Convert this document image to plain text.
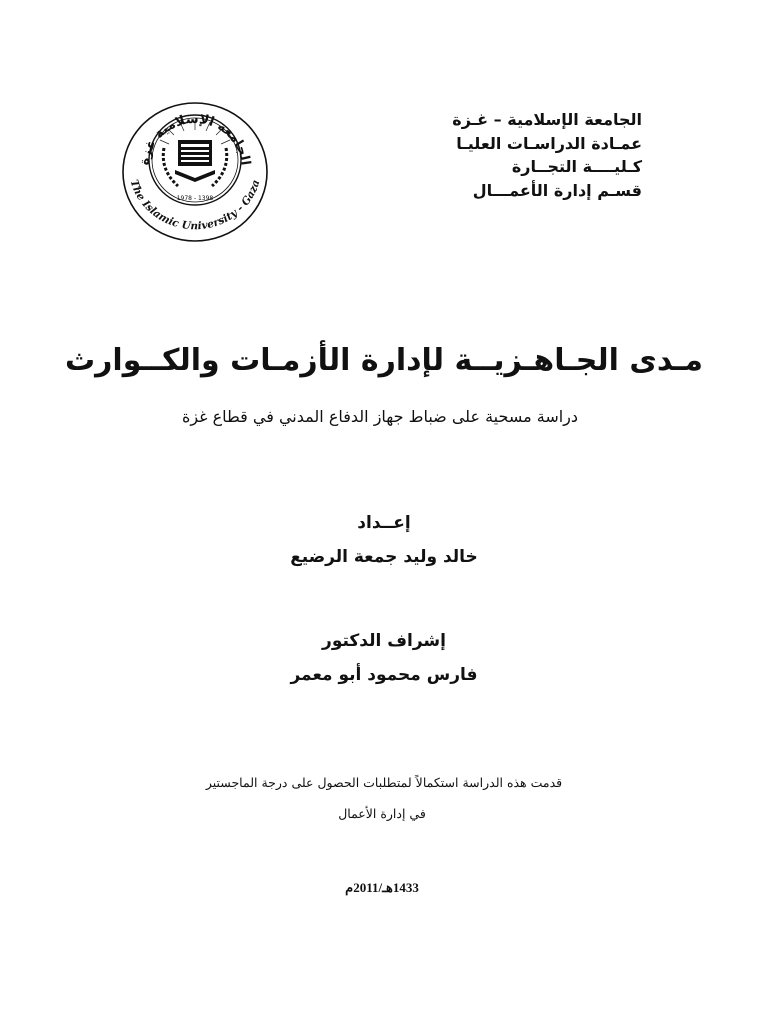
الجامعة الإسلامية غزة
The Islamic University - Gaza
1978 - 1398
الجامعة الإسلامية – غـزة
عمـادة الدراسـات العليـا
كـليــــة التجــارة
قسـم إدارة الأعمـــال
مـدى الجـاهـزيــة لإدارة الأزمـات والكــوارث
دراسة مسحية على ضباط جهاز الدفاع المدني في قطاع غزة
إعــداد
خالد وليد جمعة الرضيع
إشراف الدكتور
فارس محمود أبو معمر
قدمت هذه الدراسة استكمالاً لمتطلبات الحصول على درجة الماجستير
في إدارة الأعمال
1433هـ/2011م
